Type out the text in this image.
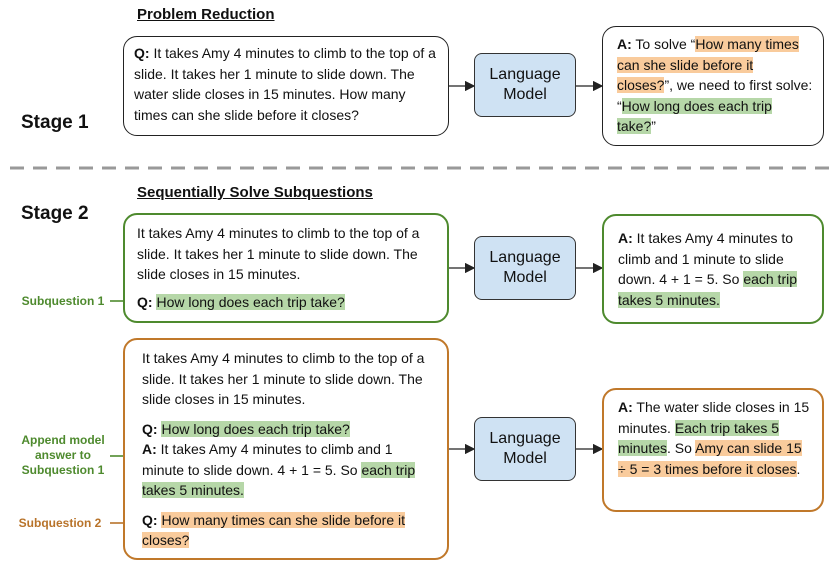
Problem Reduction
Stage 1

Q: It takes Amy 4 minutes to climb to the top of a slide. It takes her 1 minute to slide down. The water slide closes in 15 minutes. How many times can she slide before it closes?

Language
Model

A: To solve “How many times can she slide before it closes?”, we need to first solve: “How long does each trip take?”

Sequentially Solve Subquestions
Stage 2

It takes Amy 4 minutes to climb to the top of a slide. It takes her 1 minute to slide down. The slide closes in 15 minutes.

Q: How long does each trip take?

Language
Model

A: It takes Amy 4 minutes to climb and 1 minute to slide down. 4 + 1 = 5. So each trip takes 5 minutes.

It takes Amy 4 minutes to climb to the top of a slide. It takes her 1 minute to slide down. The slide closes in 15 minutes.

Q: How long does each trip take?

A: It takes Amy 4 minutes to climb and 1 minute to slide down. 4 + 1 = 5. So each trip takes 5 minutes.

Q: How many times can she slide before it closes?

Language
Model

A: The water slide closes in 15 minutes. Each trip takes 5 minutes. So Amy can slide 15 ÷ 5 = 3 times before it closes.

Subquestion 1
Append model
answer to
Subquestion 1
Subquestion 2
